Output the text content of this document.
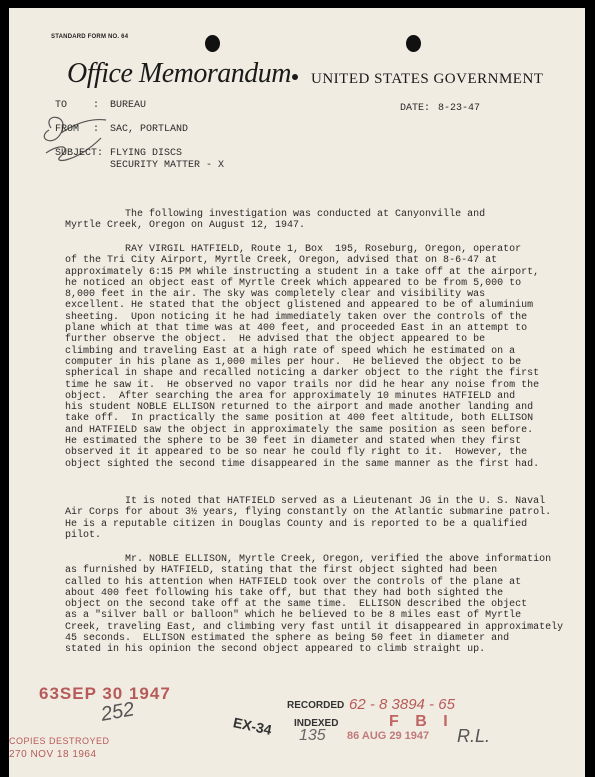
STANDARD FORM NO. 64
Office Memorandum UNITED STATES GOVERNMENT
TO	: BUREAU	DATE: 8-23-47
FROM : SAC, PORTLAND
SUBJECT: FLYING DISCS
SECURITY MATTER - X
The following investigation was conducted at Canyonville and
Myrtle Creek, Oregon on August 12, 1947.
RAY VIRGIL HATFIELD, Route 1, Box  195, Roseburg, Oregon, operator
of the Tri City Airport, Myrtle Creek, Oregon, advised that on 8-6-47 at
approximately 6:15 PM while instructing a student in a take off at the airport,
he noticed an object east of Myrtle Creek which appeared to be from 5,000 to
8,000 feet in the air. The sky was completely clear and visibility was
excellent. He stated that the object glistened and appeared to be of aluminium
sheeting.  Upon noticing it he had immediately taken over the controls of the
plane which at that time was at 400 feet, and proceeded East in an attempt to
further observe the object.  He advised that the object appeared to be
climbing and traveling East at a high rate of speed which he estimated on a
computer in his plane as 1,000 miles per hour.  He believed the object to be
spherical in shape and recalled noticing a darker object to the right the first
time he saw it.  He observed no vapor trails nor did he hear any noise from the
object.  After searching the area for approximately 10 minutes HATFIELD and
his student NOBLE ELLISON returned to the airport and made another landing and
take off.  In practically the same position at 400 feet altitude, both ELLISON
and HATFIELD saw the object in approximately the same position as seen before.
He estimated the sphere to be 30 feet in diameter and stated when they first
observed it it appeared to be so near he could fly right to it.  However, the
object sighted the second time disappeared in the same manner as the first had.
It is noted that HATFIELD served as a Lieutenant JG in the U. S. Naval
Air Corps for about 3½ years, flying constantly on the Atlantic submarine patrol.
He is a reputable citizen in Douglas County and is reported to be a qualified
pilot.
Mr. NOBLE ELLISON, Myrtle Creek, Oregon, verified the above information
as furnished by HATFIELD, stating that the first object sighted had been
called to his attention when HATFIELD took over the controls of the plane at
about 400 feet following his take off, but that they had both sighted the
object on the second take off at the same time.  ELLISON described the object
as a "silver ball or balloon" which he believed to be 8 miles east of Myrtle
Creek, traveling East, and climbing very fast until it disappeared in approximately
45 seconds.  ELLISON estimated the sphere as being 50 feet in diameter and
stated in his opinion the second object appeared to climb straight up.
63SEP 30 1947
252	RECORDED 62 - 8 3894 - 65
EX-34 INDEXED
135
F B I
86 AUG 29 1947 R.L.
COPIES DESTROYED
270 NOV 18 1964
